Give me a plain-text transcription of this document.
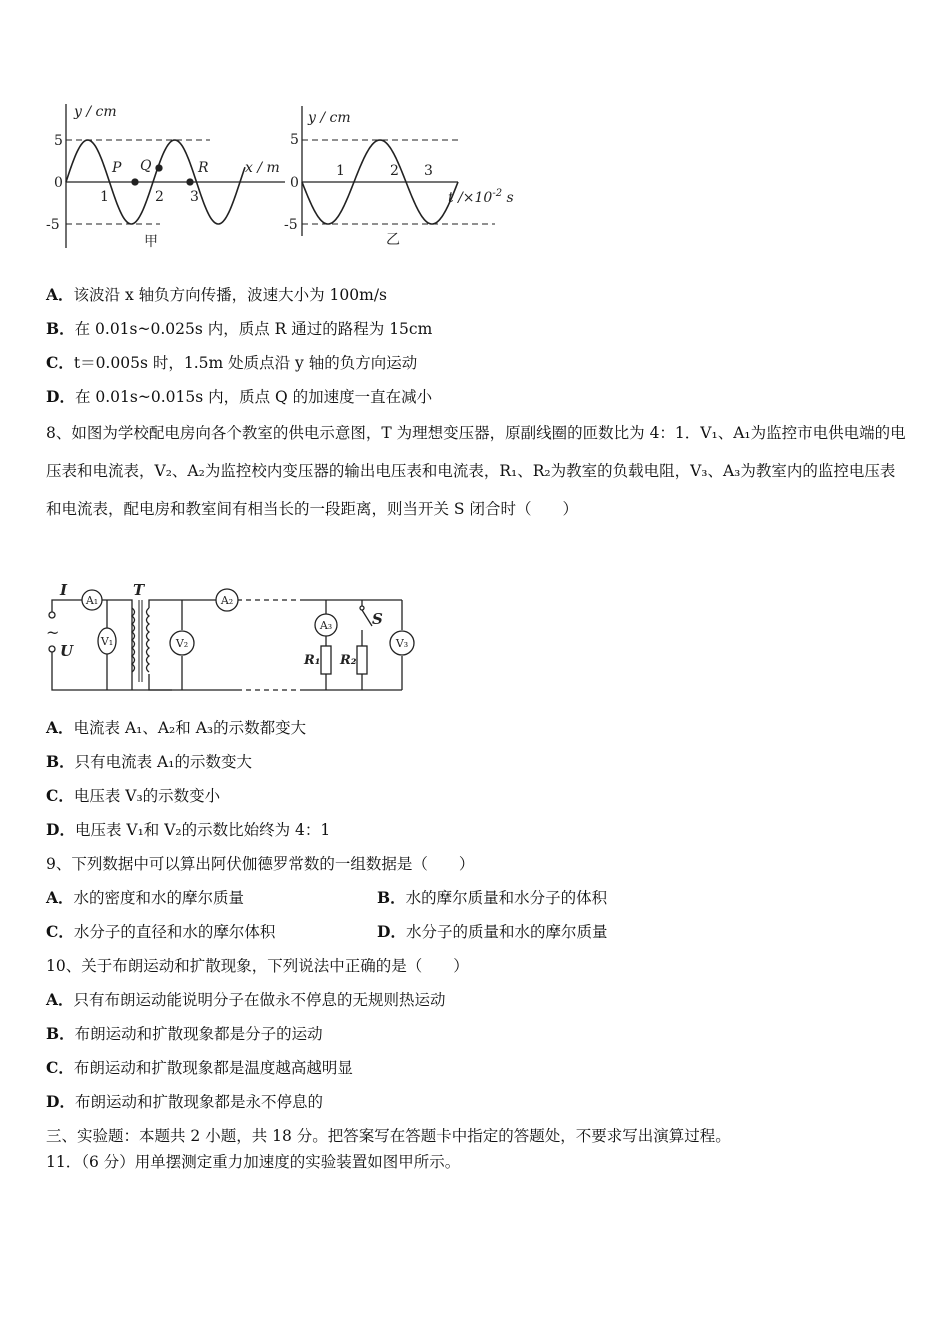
y / cm
x / m
P Q	R
5
0
-5
1	2 3
甲
y / cm
t $/\times 10^{-2}$ s
5
0
-5
1	2 3
乙
A．该波沿 x 轴负方向传播，波速大小为 100m/s
B．在 0.01s~0.025s 内，质点 R 通过的路程为 15cm
C．t＝0.005s 时，1.5m 处质点沿 y 轴的负方向运动
D．在 0.01s~0.015s 内，质点 Q 的加速度一直在减小
8、如图为学校配电房向各个教室的供电示意图，T 为理想变压器，原副线圈的匝数比为 4：1．V₁、A₁为监控市电供电端的电压表和电流表，V₂、A₂为监控校内变压器的输出电压表和电流表，R₁、R₂为教室的负载电阻，V₃、A₃为教室内的监控电压表和电流表，配电房和教室间有相当长的一段距离，则当开关 S 闭合时（　　）
A₁
V₁	V₂
A₂
A₃
V₃
I
U
T
S
R₁ R₂
~
A．电流表 A₁、A₂和 A₃的示数都变大
B．只有电流表 A₁的示数变大
C．电压表 V₃的示数变小
D．电压表 V₁和 V₂的示数比始终为 4：1
9、下列数据中可以算出阿伏伽德罗常数的一组数据是（　　）
A．水的密度和水的摩尔质量	B．水的摩尔质量和水分子的体积
C．水分子的直径和水的摩尔体积	D．水分子的质量和水的摩尔质量
10、关于布朗运动和扩散现象，下列说法中正确的是（　　）
A．只有布朗运动能说明分子在做永不停息的无规则热运动
B．布朗运动和扩散现象都是分子的运动
C．布朗运动和扩散现象都是温度越高越明显
D．布朗运动和扩散现象都是永不停息的
三、实验题：本题共 2 小题，共 18 分。把答案写在答题卡中指定的答题处，不要求写出演算过程。
11．（6 分）用单摆测定重力加速度的实验装置如图甲所示。
